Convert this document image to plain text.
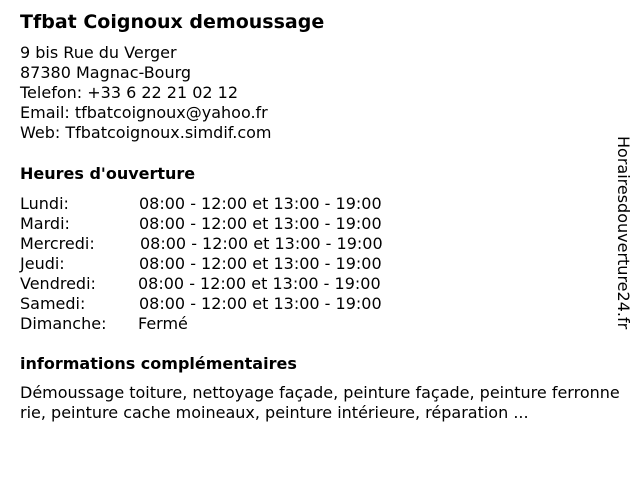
Tfbat Coignoux demoussage
9 bis Rue du Verger
87380 Magnac-Bourg
Telefon: +33 6 22 21 02 12
Email: tfbatcoignoux@yahoo.fr
Web: Tfbatcoignoux.simdif.com
Heures d'ouverture
Lundi:	08:00 - 12:00 et 13:00 - 19:00
Mardi:	08:00 - 12:00 et 13:00 - 19:00
Mercredi:	08:00 - 12:00 et 13:00 - 19:00
Jeudi:	08:00 - 12:00 et 13:00 - 19:00
Vendredi:	08:00 - 12:00 et 13:00 - 19:00
Samedi:	08:00 - 12:00 et 13:00 - 19:00
Dimanche: Fermé
informations complémentaires
Démoussage toiture, nettoyage façade, peinture façade, peinture ferronnerie, peinture cache moineaux, peinture intérieure, réparation ...
Horairesdouverture24.fr
